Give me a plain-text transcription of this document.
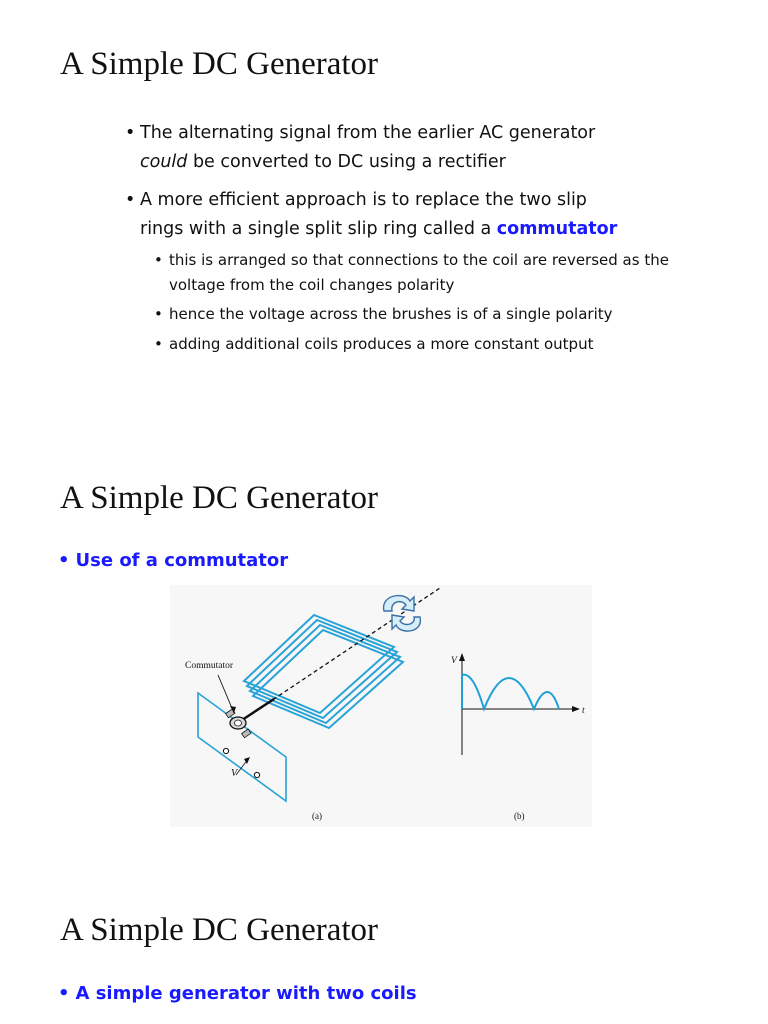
A Simple DC Generator
• The alternating signal from the earlier AC generator
could be converted to DC using a rectifier
• A more efficient approach is to replace the two slip
rings with a single split slip ring called a commutator
• this is arranged so that connections to the coil are reversed as the voltage from the coil changes polarity
• hence the voltage across the brushes is of a single polarity
• adding additional coils produces a more constant output
A Simple DC Generator
• Use of a commutator
Commutator
V
V
t
(a)	(b)
A Simple DC Generator
• A simple generator with two coils
